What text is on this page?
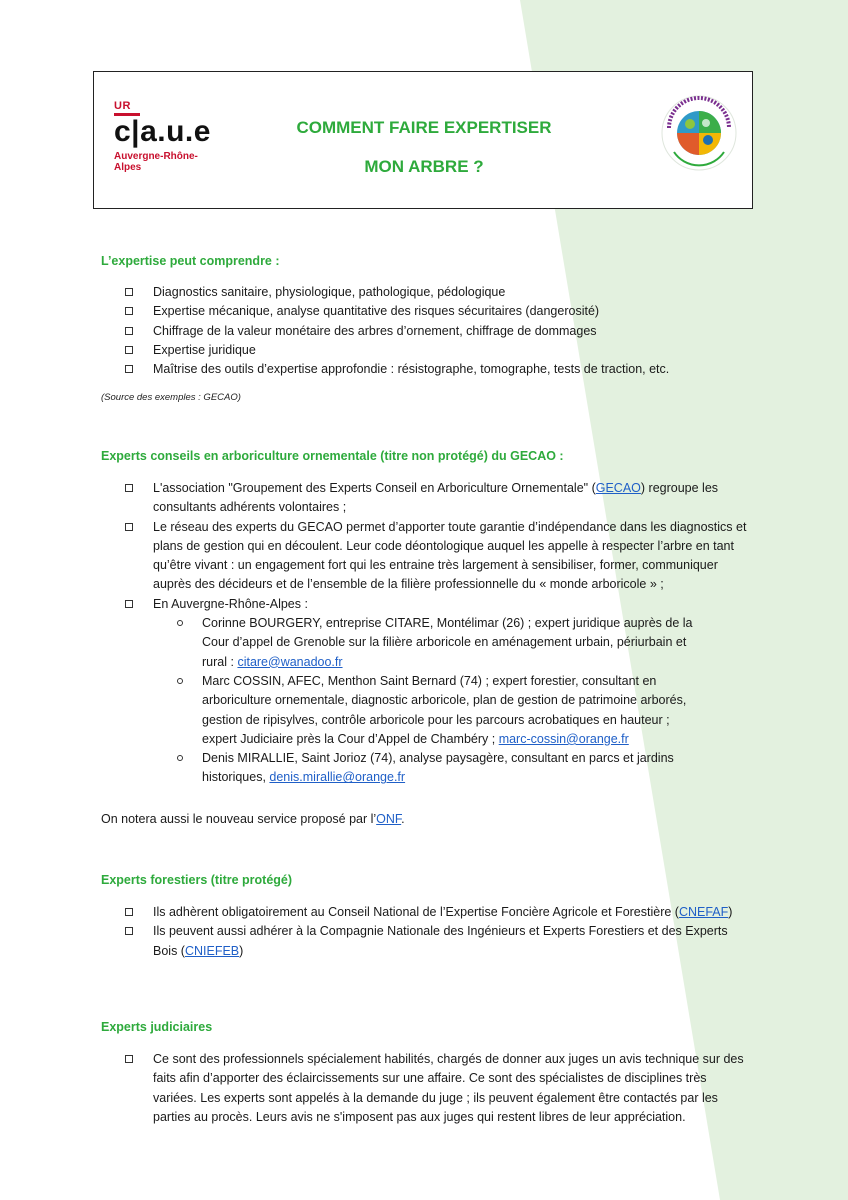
UR
c|a.u.e
Auvergne-Rhône-Alpes
COMMENT FAIRE EXPERTISER
MON ARBRE ?
L’expertise peut comprendre :
Diagnostics sanitaire, physiologique, pathologique, pédologique
Expertise mécanique, analyse quantitative des risques sécuritaires (dangerosité)
Chiffrage de la valeur monétaire des arbres d’ornement, chiffrage de dommages
Expertise juridique
Maîtrise des outils d’expertise approfondie : résistographe, tomographe, tests de traction, etc.
(Source des exemples : GECAO)
Experts conseils en arboriculture ornementale (titre non protégé) du GECAO :
L'association "Groupement des Experts Conseil en Arboriculture Ornementale" (GECAO) regroupe les consultants adhérents volontaires ;
Le réseau des experts du GECAO permet d’apporter toute garantie d’indépendance dans les diagnostics et plans de gestion qui en découlent. Leur code déontologique auquel les appelle à respecter l’arbre en tant qu’être vivant : un engagement fort qui les entraine très largement à sensibiliser, former, communiquer auprès des décideurs et de l’ensemble de la filière professionnelle du « monde arboricole » ;
En Auvergne-Rhône-Alpes :
Corinne BOURGERY, entreprise CITARE, Montélimar (26) ; expert juridique auprès de la Cour d’appel de Grenoble sur la filière arboricole en aménagement urbain, périurbain et rural : citare@wanadoo.fr
Marc COSSIN, AFEC, Menthon Saint Bernard (74) ; expert forestier, consultant en arboriculture ornementale, diagnostic arboricole, plan de gestion de patrimoine arborés, gestion de ripisylves, contrôle arboricole pour les parcours acrobatiques en hauteur ; expert Judiciaire près la Cour d’Appel de Chambéry ; marc-cossin@orange.fr
Denis MIRALLIE, Saint Jorioz (74), analyse paysagère, consultant en parcs et jardins historiques, denis.mirallie@orange.fr
On notera aussi le nouveau service proposé par l’ONF.
Experts forestiers (titre protégé)
Ils adhèrent obligatoirement au Conseil National de l’Expertise Foncière Agricole et Forestière (CNEFAF)
Ils peuvent aussi adhérer à la Compagnie Nationale des Ingénieurs et Experts Forestiers et des Experts Bois (CNIEFEB)
Experts judiciaires
Ce sont des professionnels spécialement habilités, chargés de donner aux juges un avis technique sur des faits afin d’apporter des éclaircissements sur une affaire. Ce sont des spécialistes de disciplines très variées. Les experts sont appelés à la demande du juge ; ils peuvent également être contactés par les parties au procès. Leurs avis ne s'imposent pas aux juges qui restent libres de leur appréciation.
